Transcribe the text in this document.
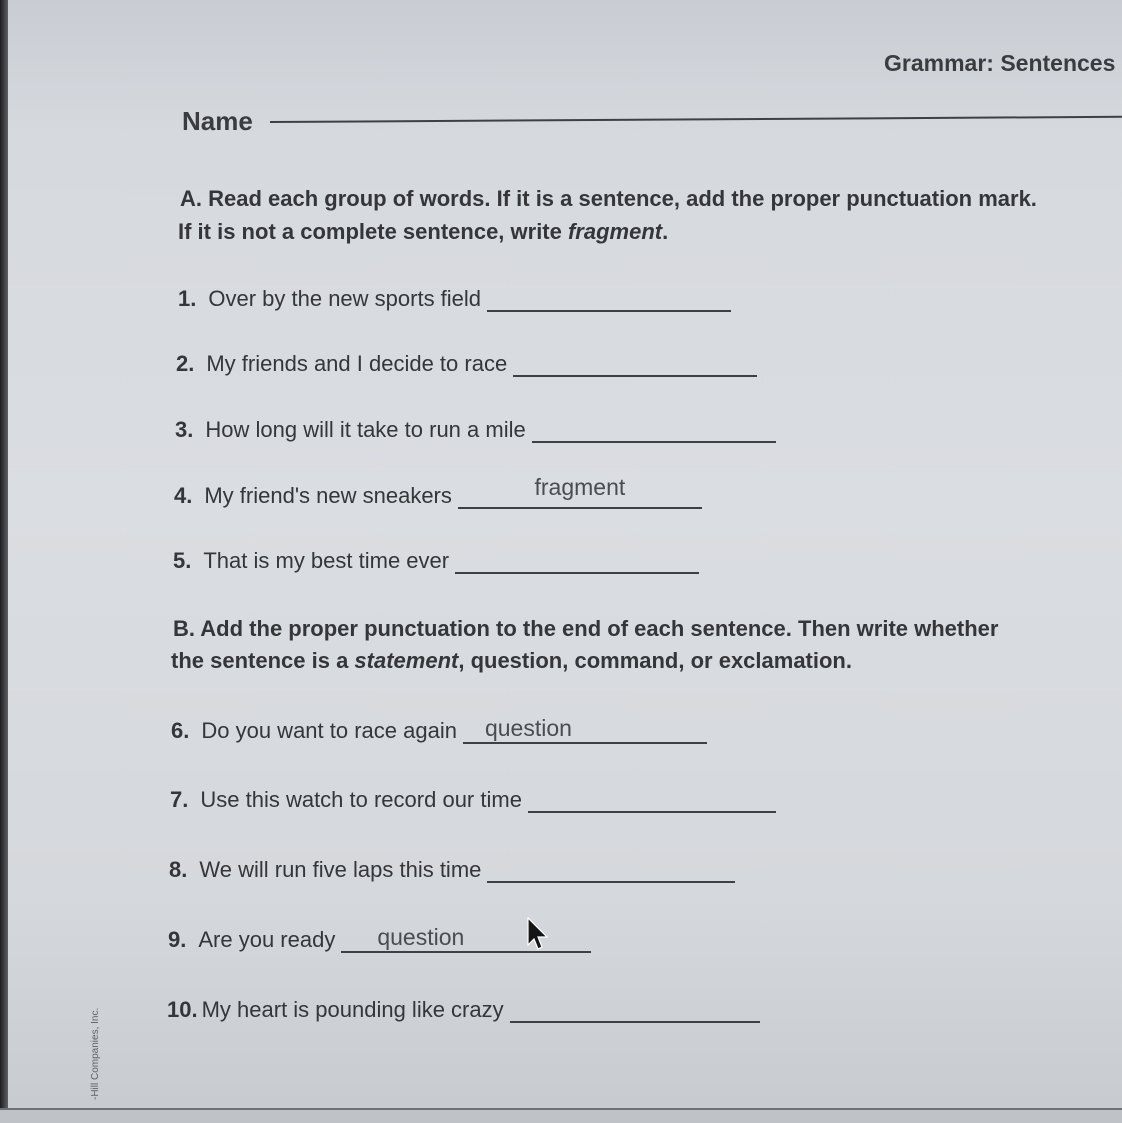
Grammar: Sentences
Name
A. Read each group of words. If it is a sentence, add the proper punctuation mark.
If it is not a complete sentence, write fragment.
1. Over by the new sports field
2. My friends and I decide to race
3. How long will it take to run a mile
4. My friend's new sneakers	fragment
5. That is my best time ever
B. Add the proper punctuation to the end of each sentence. Then write whether
the sentence is a statement, question, command, or exclamation.
6. Do you want to race again	question
7. Use this watch to record our time
8. We will run five laps this time
9. Are you ready	question
10. My heart is pounding like crazy
-Hill Companies, Inc.
